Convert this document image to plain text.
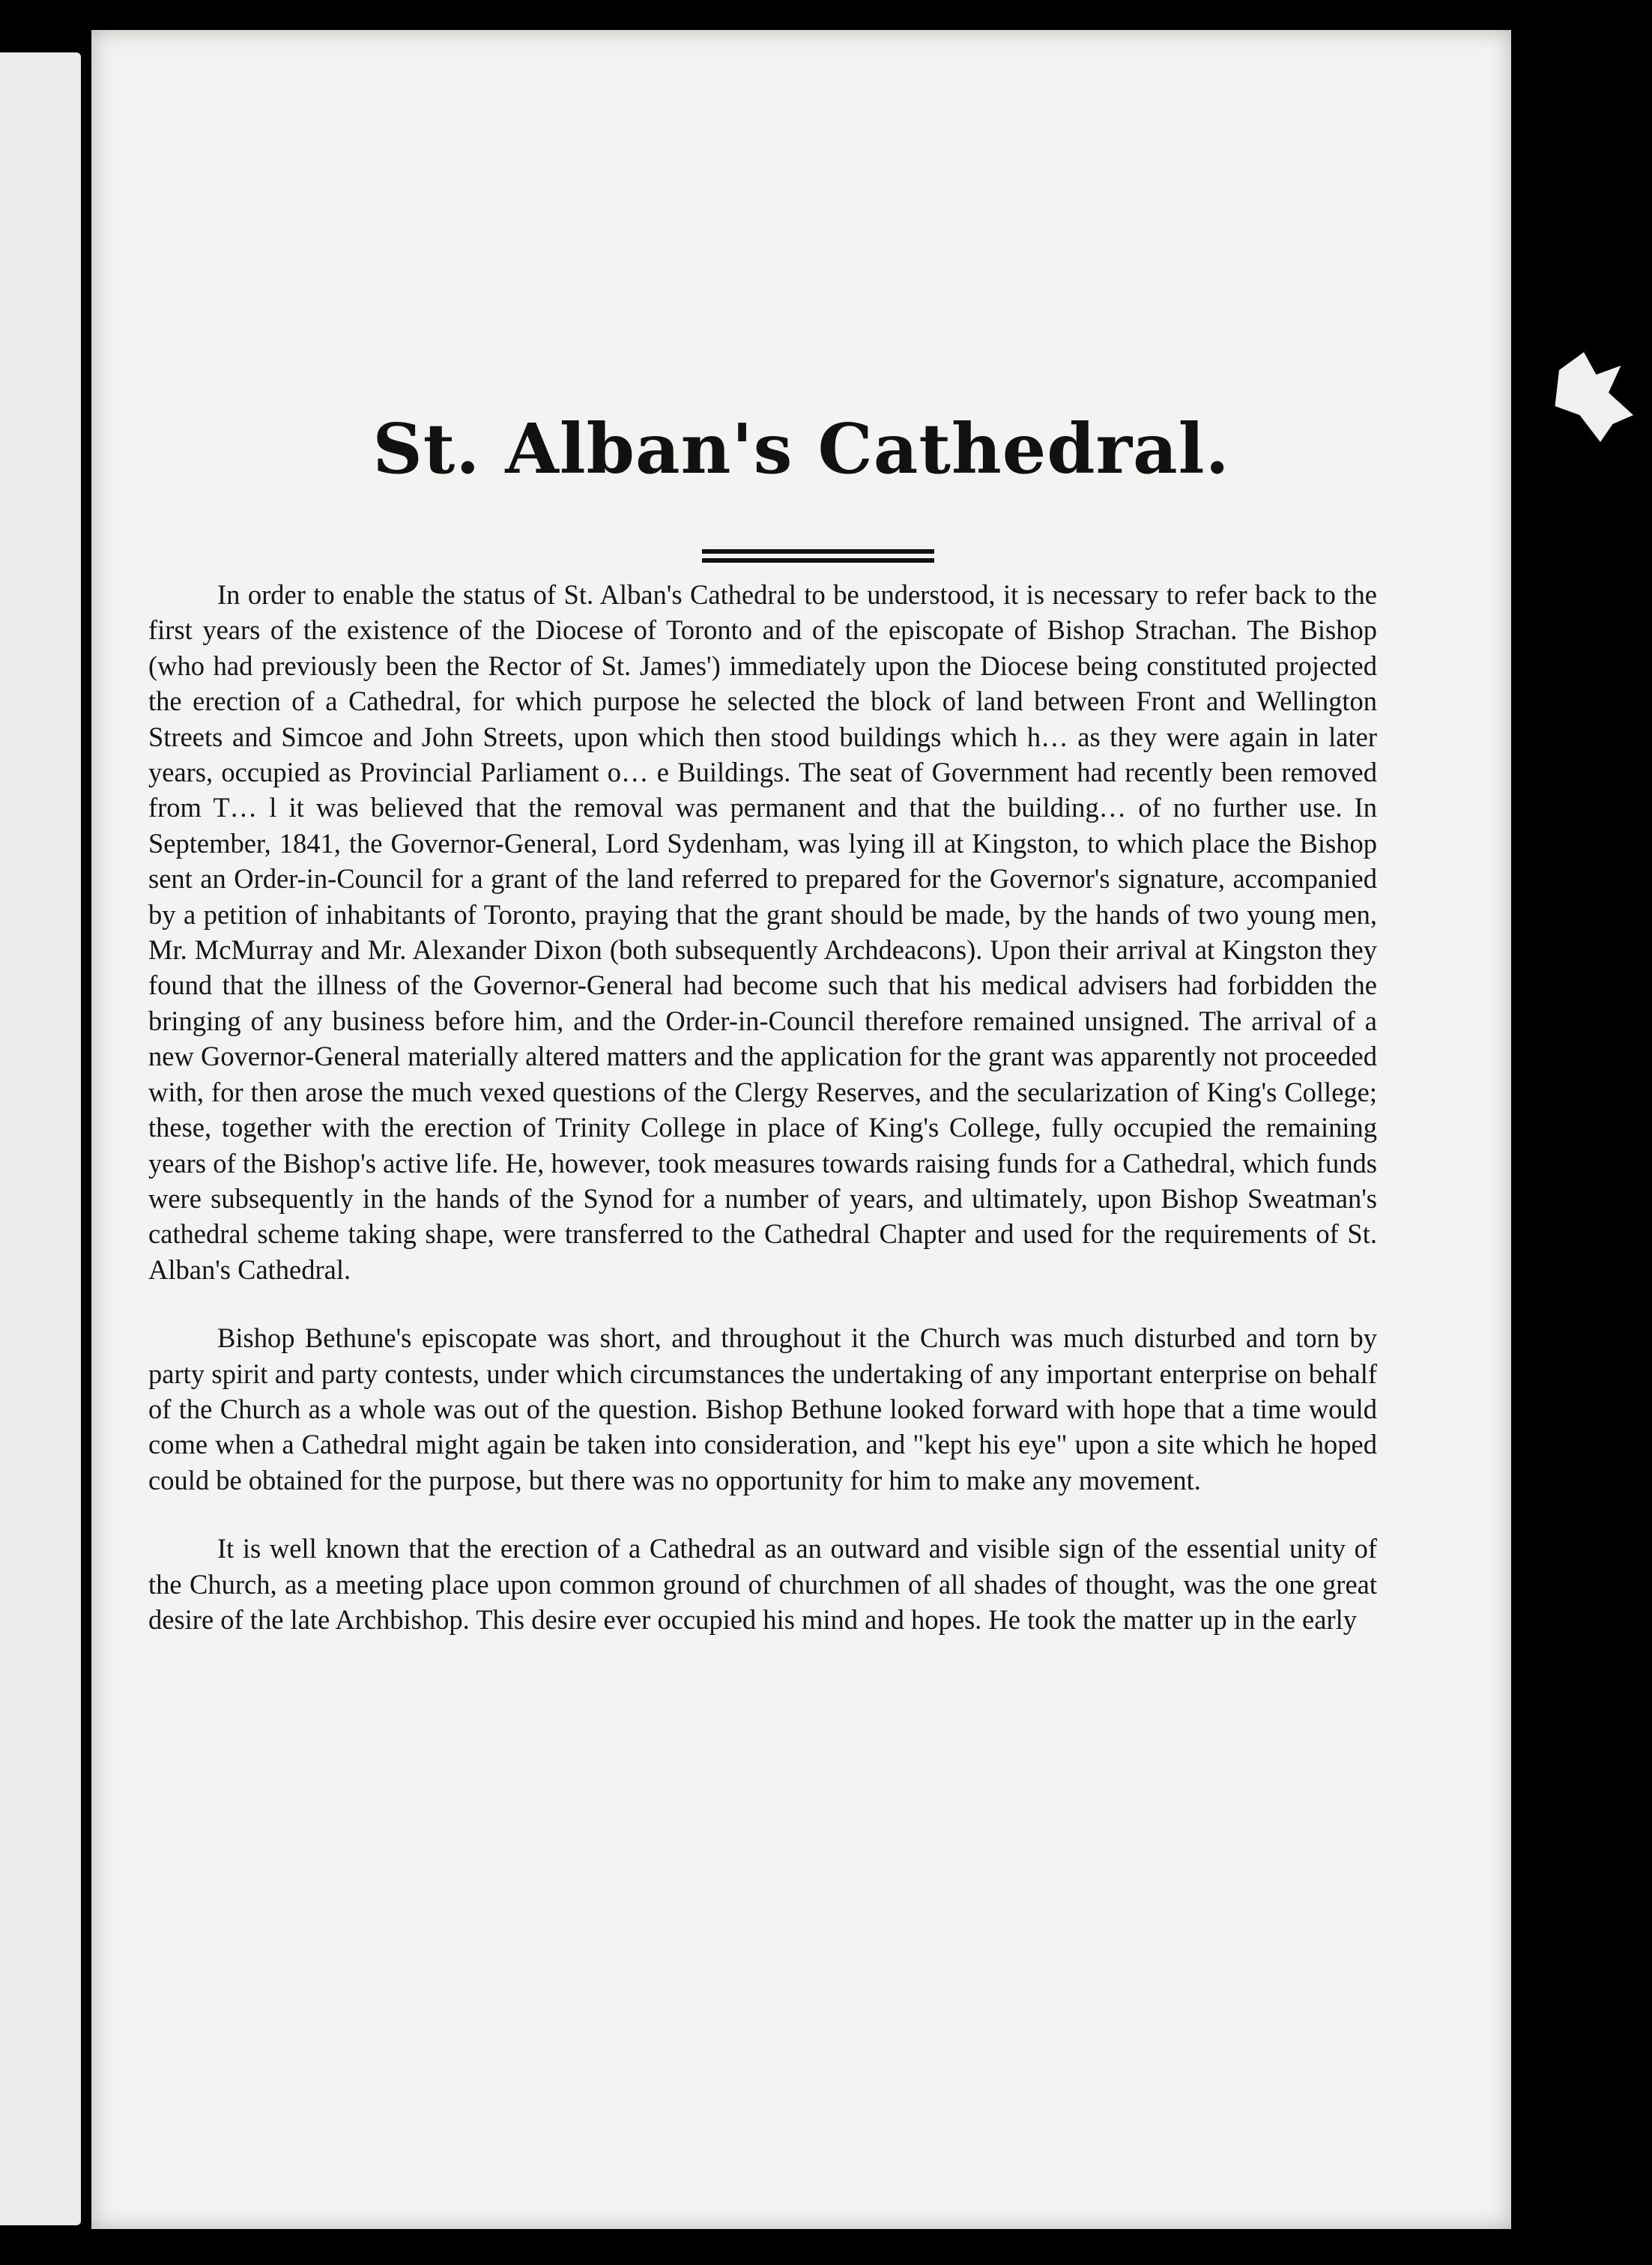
St. Alban's Cathedral.

In order to enable the status of St. Alban's Cathedral to be understood, it is necessary to refer back to the first years of the existence of the Diocese of Toronto and of the episcopate of Bishop Strachan. The Bishop (who had previously been the Rector of St. James') immediately upon the Diocese being constituted projected the erection of a Cathedral, for which purpose he selected the block of land between Front and Wellington Streets and Simcoe and John Streets, upon which then stood buildings which h… as they were again in later years, occupied as Provincial Parliament o… e Buildings. The seat of Government had recently been removed from T… l it was believed that the removal was permanent and that the building… of no further use. In September, 1841, the Governor-General, Lord Sydenham, was lying ill at Kingston, to which place the Bishop sent an Order-in-Council for a grant of the land referred to prepared for the Governor's signature, accompanied by a petition of inhabitants of Toronto, praying that the grant should be made, by the hands of two young men, Mr. McMurray and Mr. Alexander Dixon (both subsequently Archdeacons). Upon their arrival at Kingston they found that the illness of the Governor-General had become such that his medical advisers had forbidden the bringing of any business before him, and the Order-in-Council therefore remained unsigned. The arrival of a new Governor-General materially altered matters and the application for the grant was apparently not proceeded with, for then arose the much vexed questions of the Clergy Reserves, and the secularization of King's College; these, together with the erection of Trinity College in place of King's College, fully occupied the remaining years of the Bishop's active life. He, however, took measures towards raising funds for a Cathedral, which funds were subsequently in the hands of the Synod for a number of years, and ultimately, upon Bishop Sweatman's cathedral scheme taking shape, were transferred to the Cathedral Chapter and used for the requirements of St. Alban's Cathedral.

Bishop Bethune's episcopate was short, and throughout it the Church was much disturbed and torn by party spirit and party contests, under which circumstances the undertaking of any important enterprise on behalf of the Church as a whole was out of the question. Bishop Bethune looked forward with hope that a time would come when a Cathedral might again be taken into consideration, and "kept his eye" upon a site which he hoped could be obtained for the purpose, but there was no opportunity for him to make any movement.

It is well known that the erection of a Cathedral as an outward and visible sign of the essential unity of the Church, as a meeting place upon common ground of churchmen of all shades of thought, was the one great desire of the late Archbishop. This desire ever occupied his mind and hopes. He took the matter up in the early
